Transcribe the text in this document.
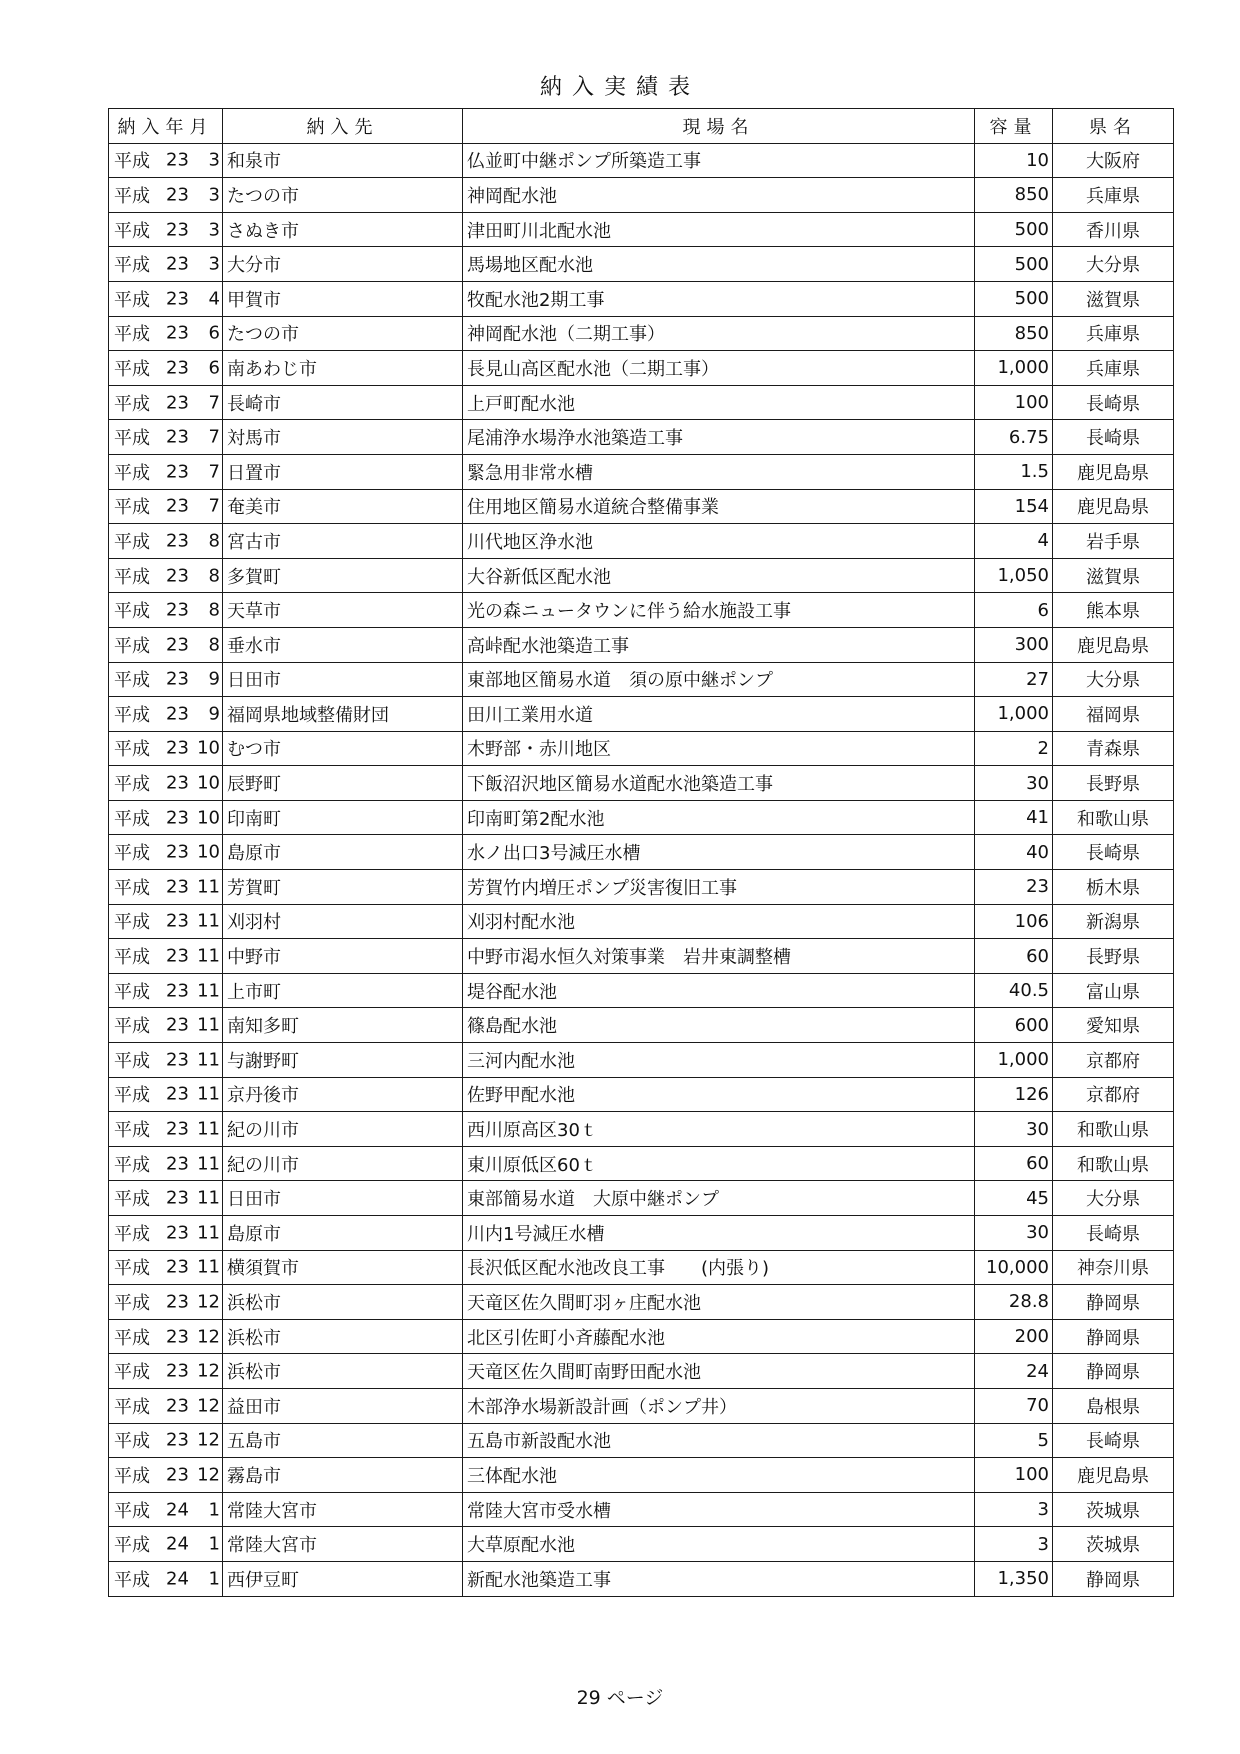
納入実績表
納入年月	納入先	現場名	容量	県名

平成 23 3	和泉市	仏並町中継ポンプ所築造工事	10	大阪府

平成 23 3	たつの市	神岡配水池	850	兵庫県

平成 23 3	さぬき市	津田町川北配水池	500	香川県

平成 23 3	大分市	馬場地区配水池	500	大分県

平成 23 4	甲賀市	牧配水池2期工事	500	滋賀県

平成 23 6	たつの市	神岡配水池（二期工事）	850	兵庫県

平成 23 6	南あわじ市	長見山高区配水池（二期工事）	1,000	兵庫県

平成 23 7	長崎市	上戸町配水池	100	長崎県

平成 23 7	対馬市	尾浦浄水場浄水池築造工事	6.75	長崎県

平成 23 7	日置市	緊急用非常水槽	1.5	鹿児島県

平成 23 7	奄美市	住用地区簡易水道統合整備事業	154	鹿児島県

平成 23 8	宮古市	川代地区浄水池	4	岩手県

平成 23 8	多賀町	大谷新低区配水池	1,050	滋賀県

平成 23 8	天草市	光の森ニュータウンに伴う給水施設工事	6	熊本県

平成 23 8	垂水市	高峠配水池築造工事	300	鹿児島県

平成 23 9	日田市	東部地区簡易水道　須の原中継ポンプ	27	大分県

平成 23 9	福岡県地域整備財団	田川工業用水道	1,000	福岡県

平成 23 10	むつ市	木野部・赤川地区	2	青森県

平成 23 10	辰野町	下飯沼沢地区簡易水道配水池築造工事	30	長野県

平成 23 10	印南町	印南町第2配水池	41	和歌山県

平成 23 10	島原市	水ノ出口3号減圧水槽	40	長崎県

平成 23 11	芳賀町	芳賀竹内増圧ポンプ災害復旧工事	23	栃木県

平成 23 11	刈羽村	刈羽村配水池	106	新潟県

平成 23 11	中野市	中野市渇水恒久対策事業　岩井東調整槽	60	長野県

平成 23 11	上市町	堤谷配水池	40.5	富山県

平成 23 11	南知多町	篠島配水池	600	愛知県

平成 23 11	与謝野町	三河内配水池	1,000	京都府

平成 23 11	京丹後市	佐野甲配水池	126	京都府

平成 23 11	紀の川市	西川原高区30ｔ	30	和歌山県

平成 23 11	紀の川市	東川原低区60ｔ	60	和歌山県

平成 23 11	日田市	東部簡易水道　大原中継ポンプ	45	大分県

平成 23 11	島原市	川内1号減圧水槽	30	長崎県

平成 23 11	横須賀市	長沢低区配水池改良工事　　(内張り)	10,000	神奈川県

平成 23 12	浜松市	天竜区佐久間町羽ヶ庄配水池	28.8	静岡県

平成 23 12	浜松市	北区引佐町小斉藤配水池	200	静岡県

平成 23 12	浜松市	天竜区佐久間町南野田配水池	24	静岡県

平成 23 12	益田市	木部浄水場新設計画（ポンプ井）	70	島根県

平成 23 12	五島市	五島市新設配水池	5	長崎県

平成 23 12	霧島市	三体配水池	100	鹿児島県

平成 24 1	常陸大宮市	常陸大宮市受水槽	3	茨城県

平成 24 1	常陸大宮市	大草原配水池	3	茨城県

平成 24 1	西伊豆町	新配水池築造工事	1,350	静岡県
29 ページ
